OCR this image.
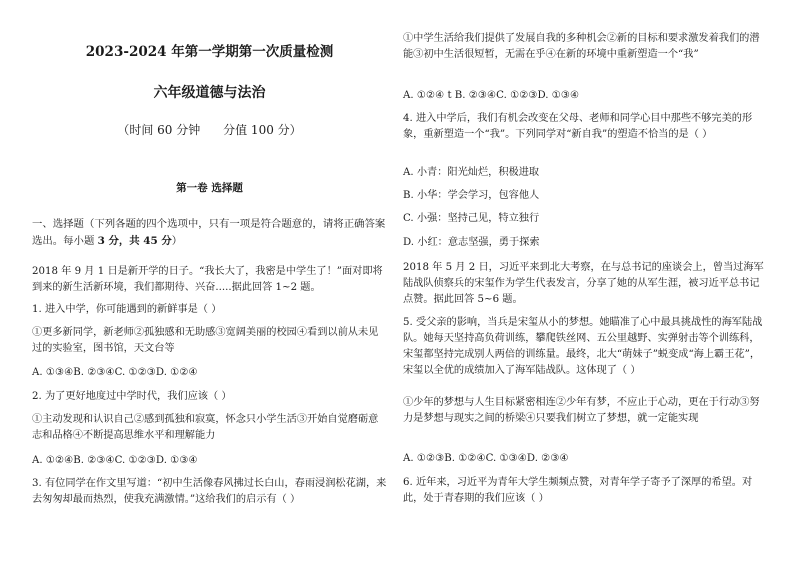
2023-2024 年第一学期第一次质量检测
六年级道德与法治
（时间 60 分钟      分值 100 分）
第一卷 选择题

一、选择题（下列各题的四个选项中，只有一项是符合题意的，请将正确答案选出。每小题 3 分，共 45 分）

2018 年 9 月 1 日是新开学的日子。“我长大了，我密是中学生了！”面对即将到来的新生活新环境，我们都期待、兴奋.....据此回答 1~2 题。

1. 进入中学，你可能遇到的新鲜事是（ ）

①更多新同学，新老师②孤独感和无助感③宽阔美丽的校园④看到以前从未见过的实验室，图书馆，天文台等

A. ①③④B. ②③④C. ①②③D. ①②④

2. 为了更好地度过中学时代，我们应该（ ）

①主动发现和认识自己②感到孤独和寂寞，怀念只小学生活③开始自觉磨砺意志和品格④不断提高思维水平和理解能力

A. ①②④B. ②③④C. ①②③D. ①③④

3. 有位同学在作文里写道：“初中生活像春风拂过长白山，春雨浸润松花湖，来去匆匆却最而热烈，使我充满激情。”这给我们的启示有（ ）

①中学生活给我们提供了发展自我的多种机会②新的目标和要求激发着我们的潜能③初中生活很短暂，无需在乎④在新的环境中重新塑造一个“我”

A. ①②④ t B. ②③④C. ①②③D. ①③④

4. 进入中学后，我们有机会改变在父母、老师和同学心目中那些不够完美的形象，重新塑造一个“我”。下列同学对“新自我”的塑造不恰当的是（ ）

A. 小青：阳光灿烂，积极进取

B. 小华：学会学习，包容他人

C. 小强：坚持己见，特立独行

D. 小红：意志坚强，勇于探索

2018 年 5 月 2 日，习近平来到北大考察，在与总书记的座谈会上，曾当过海军陆战队侦察兵的宋玺作为学生代表发言，分享了她的从军生涯，被习近平总书记点赞。据此回答 5~6 题。

5. 受父亲的影响，当兵是宋玺从小的梦想。她瞄准了心中最具挑战性的海军陆战队。她每天坚持高负荷训练，攀爬铁丝网、五公里越野、实弹射击等个训练科，宋玺都坚持完成别人两倍的训练量。最终，北大“萌妹子”蜕变成“海上霸王花”，宋玺以全优的成绩加入了海军陆战队。这体现了（ ）

①少年的梦想与人生目标紧密相连②少年有梦，不应止于心动，更在于行动③努力是梦想与现实之间的桥梁④只要我们树立了梦想，就一定能实现

A. ①②③B. ①②④C. ①③④D. ②③④

6. 近年来，习近平为青年大学生频频点赞，对青年学子寄予了深厚的希望。对此，处于青春期的我们应该（ ）
